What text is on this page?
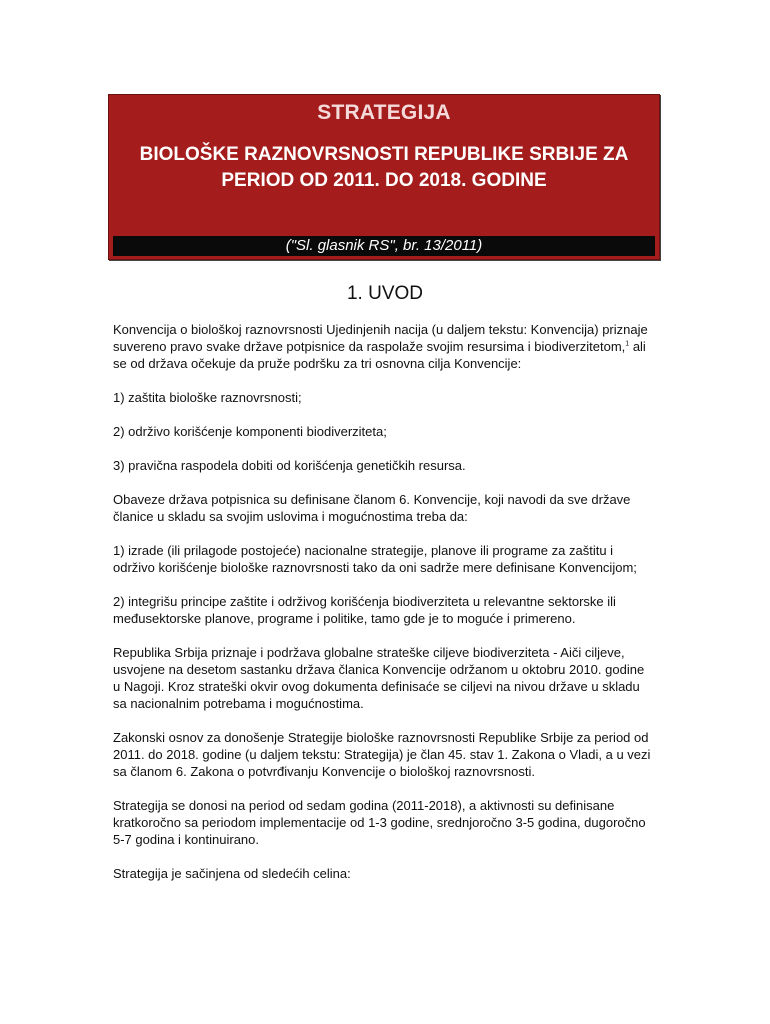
STRATEGIJA
BIOLOŠKE RAZNOVRSNOSTI REPUBLIKE SRBIJE ZA PERIOD OD 2011. DO 2018. GODINE
("Sl. glasnik RS", br. 13/2011)
1. UVOD

Konvencija o biološkoj raznovrsnosti Ujedinjenih nacija (u daljem tekstu: Konvencija) priznaje suvereno pravo svake države potpisnice da raspolaže svojim resursima i biodiverzitetom,$^1$ ali se od država očekuje da pruže podršku za tri osnovna cilja Konvencije:

1) zaštita biološke raznovrsnosti;

2) održivo korišćenje komponenti biodiverziteta;

3) pravična raspodela dobiti od korišćenja genetičkih resursa.

Obaveze država potpisnica su definisane članom 6. Konvencije, koji navodi da sve države članice u skladu sa svojim uslovima i mogućnostima treba da:

1) izrade (ili prilagode postojeće) nacionalne strategije, planove ili programe za zaštitu i održivo korišćenje biološke raznovrsnosti tako da oni sadrže mere definisane Konvencijom;

2) integrišu principe zaštite i održivog korišćenja biodiverziteta u relevantne sektorske ili međusektorske planove, programe i politike, tamo gde je to moguće i primereno.

Republika Srbija priznaje i podržava globalne strateške ciljeve biodiverziteta - Aiči ciljeve, usvojene na desetom sastanku država članica Konvencije održanom u oktobru 2010. godine u Nagoji. Kroz strateški okvir ovog dokumenta definisaće se ciljevi na nivou države u skladu sa nacionalnim potrebama i mogućnostima.

Zakonski osnov za donošenje Strategije biološke raznovrsnosti Republike Srbije za period od 2011. do 2018. godine (u daljem tekstu: Strategija) je član 45. stav 1. Zakona o Vladi, a u vezi sa članom 6. Zakona o potvrđivanju Konvencije o biološkoj raznovrsnosti.

Strategija se donosi na period od sedam godina (2011-2018), a aktivnosti su definisane kratkoročno sa periodom implementacije od 1-3 godine, srednjoročno 3-5 godina, dugoročno 5-7 godina i kontinuirano.

Strategija je sačinjena od sledećih celina:
